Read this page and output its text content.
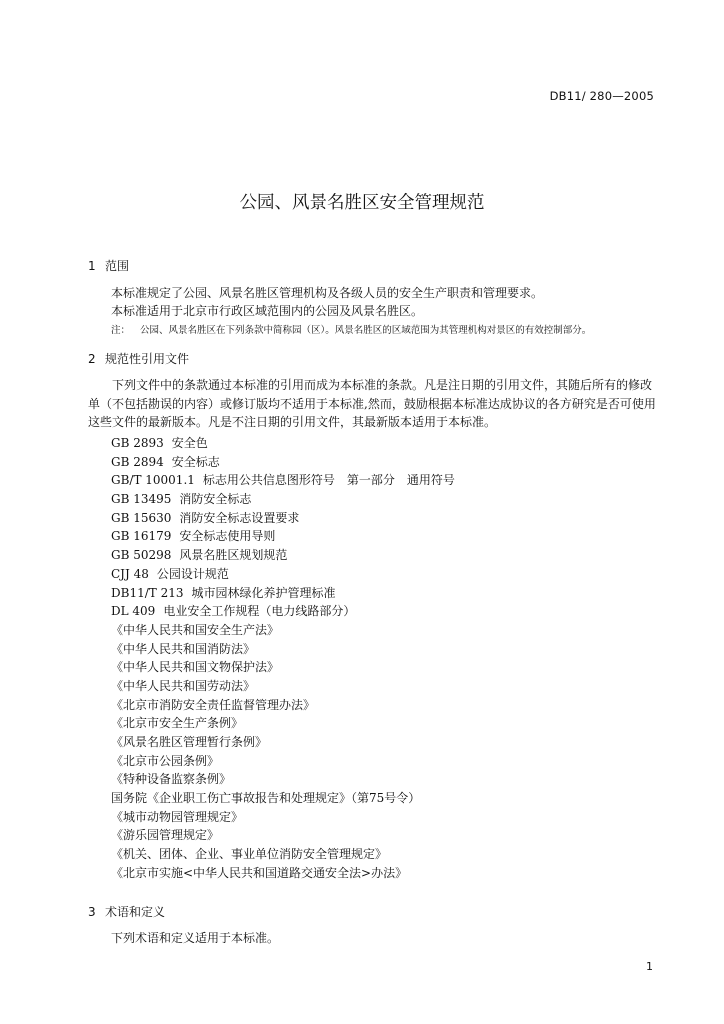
DB11/ 280—2005
公园、风景名胜区安全管理规范
1 范围
本标准规定了公园、风景名胜区管理机构及各级人员的安全生产职责和管理要求。
本标准适用于北京市行政区域范围内的公园及风景名胜区。
注： 公园、风景名胜区在下列条款中简称园（区）。风景名胜区的区域范围为其管理机构对景区的有效控制部分。
2 规范性引用文件
下列文件中的条款通过本标准的引用而成为本标准的条款。凡是注日期的引用文件，其随后所有的修改单（不包括勘误的内容）或修订版均不适用于本标准,然而，鼓励根据本标准达成协议的各方研究是否可使用这些文件的最新版本。凡是不注日期的引用文件，其最新版本适用于本标准。
GB 2893 安全色
GB 2894 安全标志
GB/T 10001.1 标志用公共信息图形符号　第一部分　通用符号
GB 13495 消防安全标志
GB 15630 消防安全标志设置要求
GB 16179 安全标志使用导则
GB 50298 风景名胜区规划规范
CJJ 48 公园设计规范
DB11/T 213 城市园林绿化养护管理标准
DL 409 电业安全工作规程（电力线路部分）
《中华人民共和国安全生产法》
《中华人民共和国消防法》
《中华人民共和国文物保护法》
《中华人民共和国劳动法》
《北京市消防安全责任监督管理办法》
《北京市安全生产条例》
《风景名胜区管理暂行条例》
《北京市公园条例》
《特种设备监察条例》
国务院《企业职工伤亡事故报告和处理规定》（第75号令）
《城市动物园管理规定》
《游乐园管理规定》
《机关、团体、企业、事业单位消防安全管理规定》
《北京市实施<中华人民共和国道路交通安全法>办法》
3 术语和定义
下列术语和定义适用于本标准。
1
